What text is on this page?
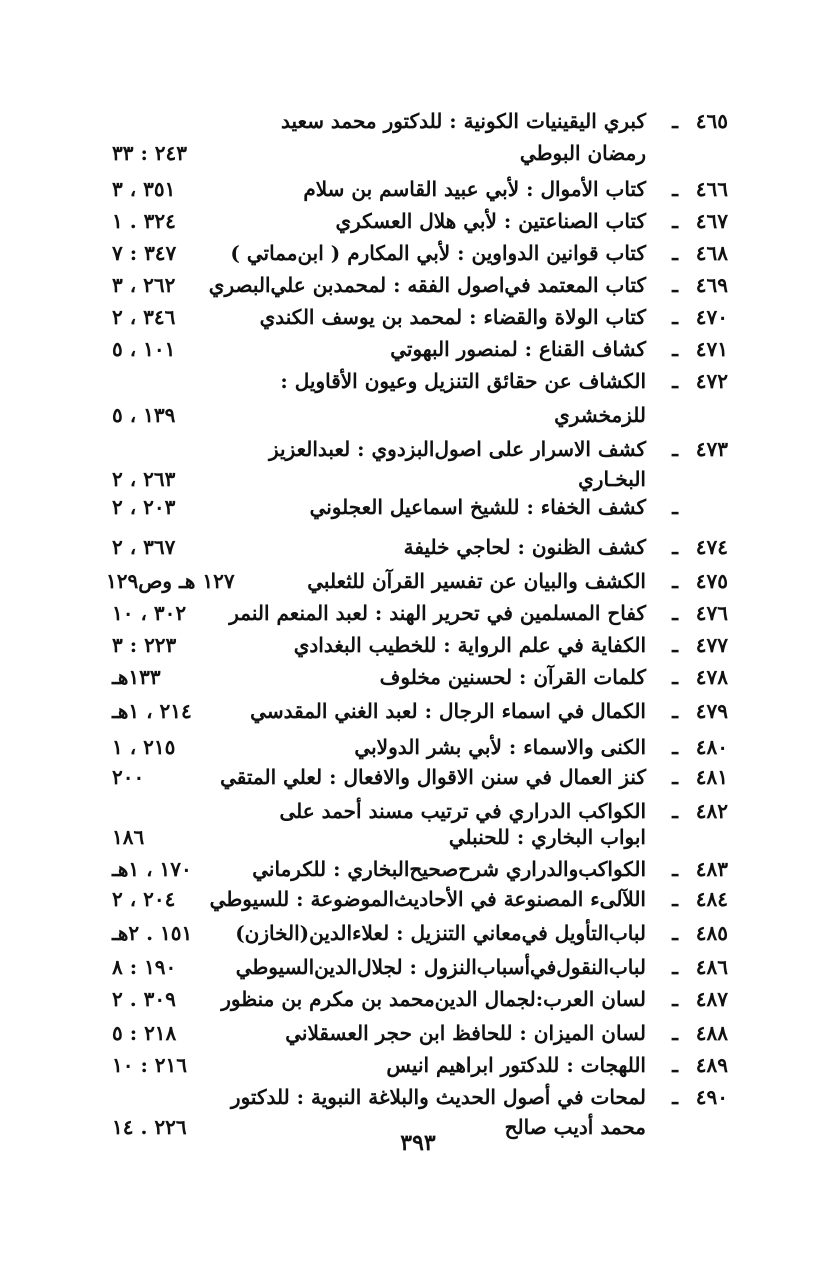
٤٦٥
ـ
كبري اليقينيات الكونية : للدكتور محمد سعيد
رمضان البوطي
٢٤٣ : ٣٣
٤٦٦
ـ
كتاب الأموال : لأبي عبيد القاسم بن سلام
٣٥١ ، ٣
٤٦٧
ـ
كتاب الصناعتين : لأبي هلال العسكري
٣٢٤ . ١
٤٦٨
ـ
كتاب قوانين الدواوين : لأبي المكارم ( ابن‌مماتي )
٣٤٧ : ٧
٤٦٩
ـ
كتاب المعتمد في‌اصول الفقه : لمحمدبن علي‌البصري
٢٦٢ ، ٣
٤٧٠
ـ
كتاب الولاة والقضاء : لمحمد بن يوسف الكندي
٣٤٦ ، ٢
٤٧١
ـ
كشاف القناع : لمنصور البهوتي
١٠١ ، ٥
٤٧٢
ـ
الكشاف عن حقائق التنزيل وعيون الأقاويل :
للزمخشري
١٣٩ ، ٥
٤٧٣
ـ
كشف الاسرار على اصول‌البزدوي : لعبدالعزيز
البخـاري
٢٦٣ ، ٢
ـ
كشف الخفاء : للشيخ اسماعيل العجلوني
٢٠٣ ، ٢
٤٧٤
ـ
كشف الظنون : لحاجي خليفة
٣٦٧ ، ٢
٤٧٥
ـ
الكشف والبيان عن تفسير القرآن للثعلبي
١٢٧ هـ وص١٢٩
٤٧٦
ـ
كفاح المسلمين في تحرير الهند : لعبد المنعم النمر
٣٠٢ ، ١٠
٤٧٧
ـ
الكفاية في علم الرواية : للخطيب البغدادي
٢٢٣ : ٣
٤٧٨
ـ
كلمات القرآن : لحسنين مخلوف
١٣٣هـ
٤٧٩
ـ
الكمال في اسماء الرجال : لعبد الغني المقدسي
٢١٤ ، ١هـ
٤٨٠
ـ
الكنى والاسماء : لأبي بشر الدولابي
٢١٥ ، ١
٤٨١
ـ
كنز العمال في سنن الاقوال والافعال : لعلي المتقي
٢٠٠
٤٨٢
ـ
الكواكب الدراري في ترتيب مسند أحمد على
ابواب البخاري : للحنبلي
١٨٦
٤٨٣
ـ
الكواكب‌والدراري شرح‌صحيح‌البخاري : للكرماني
١٧٠ ، ١هـ
٤٨٤
ـ
اللآلىء المصنوعة في الأحاديث‌الموضوعة : للسيوطي
٢٠٤ ، ٢
٤٨٥
ـ
لباب‌التأويل في‌معاني التنزيل : لعلاءالدين(الخازن)
١٥١ . ٢هـ
٤٨٦
ـ
لباب‌النقول‌في‌أسباب‌النزول : لجلال‌الدين‌السيوطي
١٩٠ : ٨
٤٨٧
ـ
لسان العرب:لجمال الدين‌محمد بن مكرم بن منظور
٣٠٩ . ٢
٤٨٨
ـ
لسان الميزان : للحافظ ابن حجر العسقلاني
٢١٨ : ٥
٤٨٩
ـ
اللهجات : للدكتور ابراهيم انيس
٢١٦ : ١٠
٤٩٠
ـ
لمحات في أصول الحديث والبلاغة النبوية : للدكتور
محمد أديب صالح
٢٢٦ . ١٤
٣٩٣
